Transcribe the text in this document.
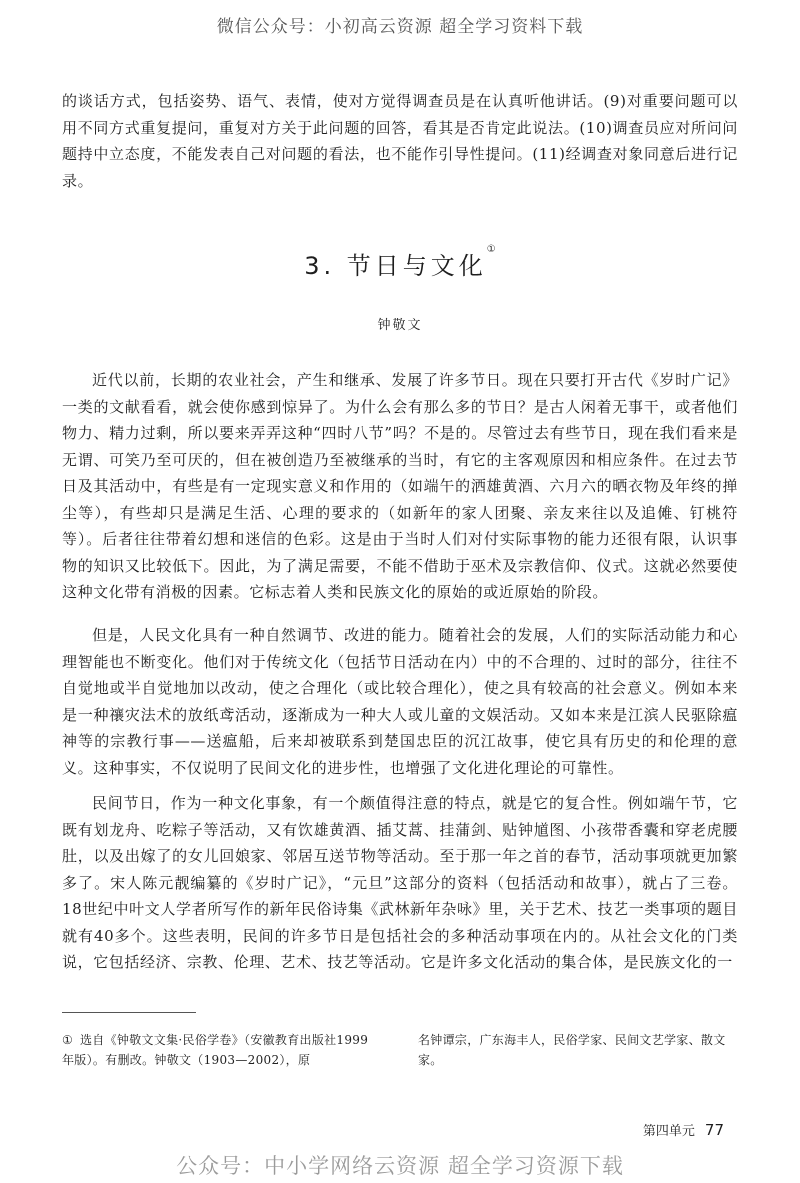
微信公众号：小初高云资源 超全学习资料下载

的谈话方式，包括姿势、语气、表情，使对方觉得调查员是在认真听他讲话。(9)对重要问题可以用不同方式重复提问，重复对方关于此问题的回答，看其是否肯定此说法。(10)调查员应对所问问题持中立态度，不能发表自己对问题的看法，也不能作引导性提问。(11)经调查对象同意后进行记录。

3. 节日与文化①
钟敬文

近代以前，长期的农业社会，产生和继承、发展了许多节日。现在只要打开古代《岁时广记》一类的文献看看，就会使你感到惊异了。为什么会有那么多的节日？是古人闲着无事干，或者他们物力、精力过剩，所以要来弄弄这种“四时八节”吗？不是的。尽管过去有些节日，现在我们看来是无谓、可笑乃至可厌的，但在被创造乃至被继承的当时，有它的主客观原因和相应条件。在过去节日及其活动中，有些是有一定现实意义和作用的（如端午的洒雄黄酒、六月六的晒衣物及年终的掸尘等），有些却只是满足生活、心理的要求的（如新年的家人团聚、亲友来往以及追傩、钉桃符等）。后者往往带着幻想和迷信的色彩。这是由于当时人们对付实际事物的能力还很有限，认识事物的知识又比较低下。因此，为了满足需要，不能不借助于巫术及宗教信仰、仪式。这就必然要使这种文化带有消极的因素。它标志着人类和民族文化的原始的或近原始的阶段。

但是，人民文化具有一种自然调节、改进的能力。随着社会的发展，人们的实际活动能力和心理智能也不断变化。他们对于传统文化（包括节日活动在内）中的不合理的、过时的部分，往往不自觉地或半自觉地加以改动，使之合理化（或比较合理化），使之具有较高的社会意义。例如本来是一种禳灾法术的放纸鸢活动，逐渐成为一种大人或儿童的文娱活动。又如本来是江滨人民驱除瘟神等的宗教行事——送瘟船，后来却被联系到楚国忠臣的沉江故事，使它具有历史的和伦理的意义。这种事实，不仅说明了民间文化的进步性，也增强了文化进化理论的可靠性。

民间节日，作为一种文化事象，有一个颇值得注意的特点，就是它的复合性。例如端午节，它既有划龙舟、吃粽子等活动，又有饮雄黄酒、插艾蒿、挂蒲剑、贴钟馗图、小孩带香囊和穿老虎腰肚，以及出嫁了的女儿回娘家、邻居互送节物等活动。至于那一年之首的春节，活动事项就更加繁多了。宋人陈元靓编纂的《岁时广记》，“元旦”这部分的资料（包括活动和故事），就占了三卷。18世纪中叶文人学者所写作的新年民俗诗集《武林新年杂咏》里，关于艺术、技艺一类事项的题目就有40多个。这些表明，民间的许多节日是包括社会的多种活动事项在内的。从社会文化的门类说，它包括经济、宗教、伦理、艺术、技艺等活动。它是许多文化活动的集合体，是民族文化的一

① 选自《钟敬文文集·民俗学卷》（安徽教育出版社1999年版）。有删改。钟敬文（1903—2002），原
名钟谭宗，广东海丰人，民俗学家、民间文艺学家、散文家。
第四单元 77
公众号：中小学网络云资源 超全学习资源下载
